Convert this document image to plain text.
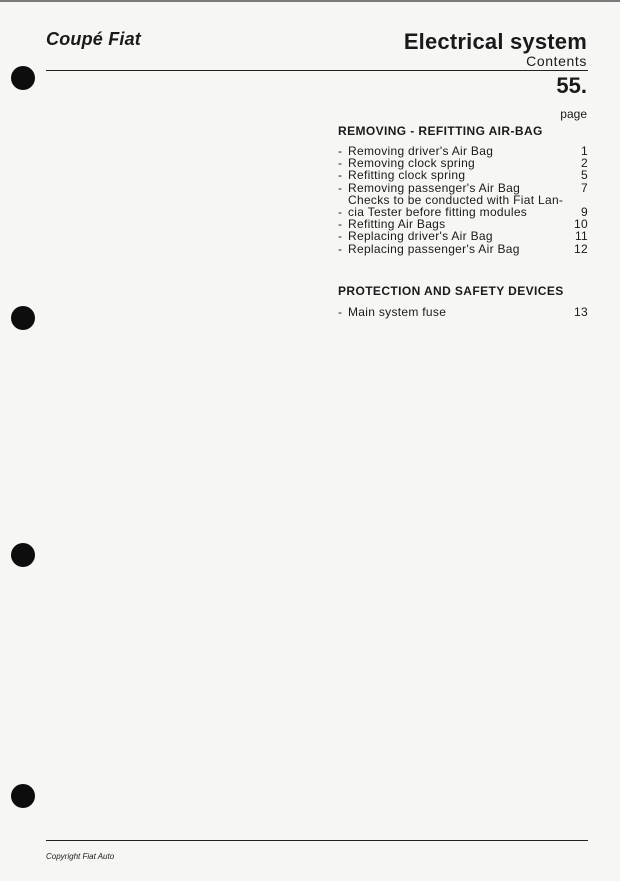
Coupé Fiat	Electrical system
Contents
55.
page
REMOVING - REFITTING AIR-BAG
- Removing driver's Air Bag	1
- Removing clock spring	2
- Refitting clock spring	5
- Removing passenger's Air Bag	7
-
Checks to be conducted with Fiat Lan-cia Tester before fitting modules	9
- Refitting Air Bags	10
- Replacing driver's Air Bag	11
- Replacing passenger's Air Bag	12
PROTECTION AND SAFETY DEVICES
- Main system fuse	13
Copyright Fiat Auto
